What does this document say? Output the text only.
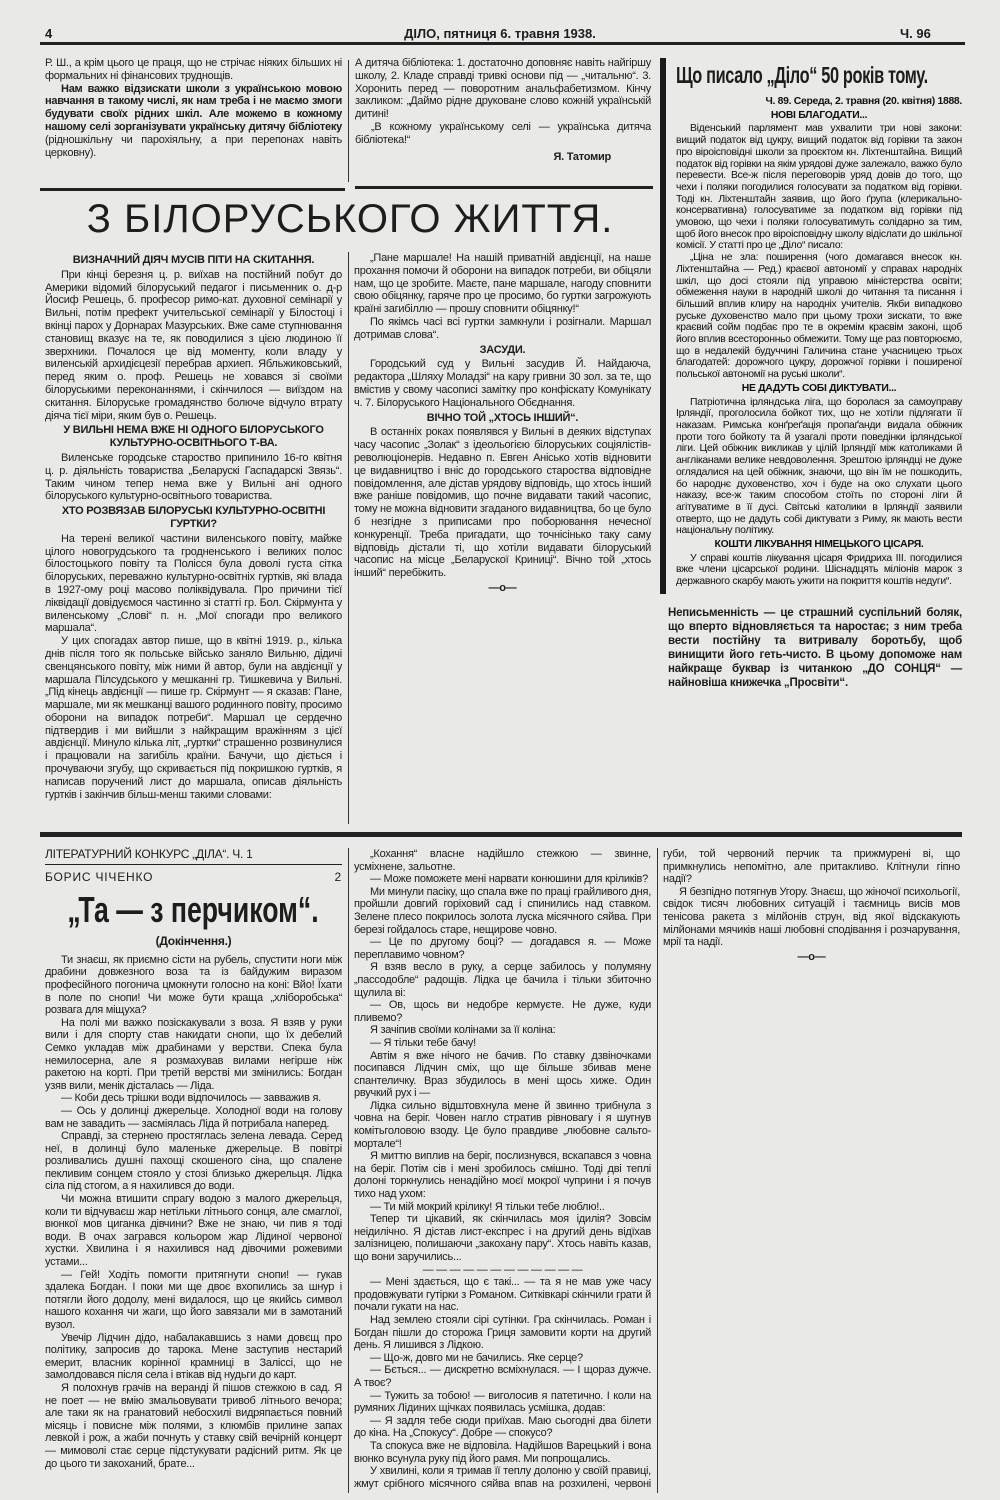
4	ДІЛО, пятниця 6. травня 1938.	Ч. 96

Р. Ш., а крім цього це праця, що не стрічає ніяких більших ні формальних ні фінансових труднощів.

Нам важко відзискати школи з українською мовою навчання в такому числі, як нам треба і не маємо змоги будувати своїх рідних шкіл. Але можемо в кожному нашому селі зорганізувати українську дитячу бібліотеку (рідношкільну чи парохіяльну, а при перепонах навіть церковну).

А дитяча бібліотека: 1. достаточно доповняє навіть найгіршу школу, 2. Кладе справді тривкі основи під — „читальню“. 3. Хоронить перед — поворотним анальфабетизмом. Кінчу закликом: „Даймо рідне друковане слово кожній українській дитині!

„В кожному українському селі — українська дитяча бібліотека!“

Я. Татомир
З БІЛОРУСЬКОГО ЖИТТЯ.

ВИЗНАЧНИЙ ДІЯЧ МУСІВ ПІТИ НА СКИТАННЯ.

При кінці березня ц. р. виїхав на постійний побут до Америки відомий білоруський педагог і письменник о. д-р Йосиф Решець, б. професор римо-кат. духовної семінарії у Вильні, потім префект учительської семінарії у Білостоці і вкінці парох у Дорнарах Мазурських. Вже саме ступнювання становищ вказує на те, як поводилися з цією людиною її зверхники. Почалося це від моменту, коли владу у виленській архидієцезії перебрав архиеп. Ябльжиковський, перед яким о. проф. Решець не ховався зі своїми білоруськими переконаннями, і скінчилося — виїздом на скитання. Білоруське громадянство болюче відчуло втрату діяча тієї міри, яким був о. Решець.

У ВИЛЬНІ НЕМА ВЖЕ НІ ОДНОГО БІЛОРУСЬКОГО КУЛЬТУРНО-ОСВІТНЬОГО Т-ВА.

Виленське городське староство припинило 16-го квітня ц. р. діяльність товариства „Беларускі Гаспадарскі Звязь“. Таким чином тепер нема вже у Вильні ані одного білоруського культурно-освітнього товариства.

ХТО РОЗВЯЗАВ БІЛОРУСЬКІ КУЛЬТУРНО-ОСВІТНІ ГУРТКИ?

На терені великої частини виленського повіту, майже цілого новогрудського та гродненського і великих полос білостоцького повіту та Полісся була доволі густа сітка білоруських, переважно культурно-освітніх гуртків, які влада в 1927-ому році масово поліквідувала. Про причини тієї ліквідації довідуємося частинно зі статті гр. Бол. Скірмунта у виленському „Слові“ п. н. „Мої спогади про великого маршала“.

У цих спогадах автор пише, що в квітні 1919. р., кілька днів після того як польське військо заняло Вильню, дідичі свенцянського повіту, між ними й автор, були на авдієнції у маршала Пілсудського у мешканні гр. Тишкевича у Вильні. „Під кінець авдієнції — пише гр. Скірмунт — я сказав: Пане, маршале, ми як мешканці вашого родинного повіту, просимо оборони на випадок потреби“. Маршал це сердечно підтвердив і ми вийшли з найкращим вражінням з цієї авдієнції. Минуло кілька літ, „гуртки“ страшенно розвинулися і працювали на загибіль країни. Бачучи, що діється і прочуваючи згубу, що скривається під покришкою гуртків, я написав поручений лист до маршала, описав діяльність гуртків і закінчив більш-менш такими словами:

„Пане маршале! На нашій приватній авдієнції, на наше прохання помочи й оборони на випадок потреби, ви обіцяли нам, що це зробите. Маєте, пане маршале, нагоду сповнити свою обіцянку, гаряче про це просимо, бо гуртки загрожують країні загибіллю — прошу сповнити обіцянку!“

По якімсь часі всі гуртки замкнули і розігнали. Маршал дотримав слова“.

ЗАСУДИ.

Городський суд у Вильні засудив Й. Найдаюча, редактора „Шляху Моладзі“ на кару гривни 30 зол. за те, що вмістив у свому часописі замітку про конфіскату Комунікату ч. 7. Білоруського Національного Обєднання.

ВІЧНО ТОЙ „ХТОСЬ ІНШИЙ“.

В останніх роках появлявся у Вильні в деяких відступах часу часопис „Золак“ з ідеольогією білоруських соціялістів-революціонерів. Недавно п. Евген Анісько хотів відновити це видавництво і вніс до городського староства відповідне повідомлення, але дістав урядову відповідь, що хтось інший вже раніше повідомив, що почне видавати такий часопис, тому не можна відновити згаданого видавництва, бо це було б незгідне з приписами про поборювання нечесної конкуренції. Треба пригадати, що точнісінько таку саму відповідь дістали ті, що хотіли видавати білоруський часопис на місце „Беларускої Криниці“. Вічно той „хтось інший“ перебіжить.

—o—

Що писало „Діло“ 50 років тому.

Ч. 89. Середа, 2. травня (20. квітня) 1888.

НОВІ БЛАГОДАТИ...

Віденський парлямент мав ухвалити три нові закони: вищий податок від цукру, вищий податок від горівки та закон про віроісповідні школи за проєктом кн. Ліхтенштайна. Вищий податок від горівки на якім урядові дуже залежало, важко було перевести. Все-ж після переговорів уряд довів до того, що чехи і поляки погодилися голосувати за податком від горівки. Тоді кн. Ліхтенштайн заявив, що його ґрупа (клерикально-консервативна) голосуватиме за податком від горівки під умовою, що чехи і поляки голосуватимуть солідарно за тим, щоб його внесок про віроісповідну школу відіслати до шкільної комісії. У статті про це „Діло“ писало:

„Ціна не зла: поширення (чого домагався внесок кн. Ліхтенштайна — Ред.) краєвої автономії у справах народніх шкіл, що досі стояли під управою міністерства освіти; обмеження науки в народній школі до читання та писання і більший вплив клиру на народніх учителів. Якби випадково руське духовенство мало при цьому трохи зискати, то вже краєвий сойм подбає про те в окремім краєвім законі, щоб його вплив всесторонньо обмежити. Тому ще раз повторюємо, що в недалекій будуччині Галичина стане учасницею трьох благодатей: дорожчого цукру, дорожчої горівки і поширеної польської автономії на руські школи“.

НЕ ДАДУТЬ СОБІ ДИКТУВАТИ...

Патріотична ірляндська ліга, що боролася за самоуправу Ірляндії, проголосила бойкот тих, що не хотіли підлягати її наказам. Римська конґреґація пропаґанди видала обіжник проти того бойкоту та й узагалі проти поведінки ірляндської ліги. Цей обіжник викликав у цілій Ірляндії між католиками й англіканами велике невдоволення. Зрештою ірляндці не дуже оглядалися на цей обіжник, знаючи, що він їм не пошкодить, бо народнє духовенство, хоч і буде на око слухати цього наказу, все-ж таким способом стоїть по стороні ліги й агітуватиме в її дусі. Світські католики в Ірляндії заявили отверто, що не дадуть собі диктувати з Риму, як мають вести національну політику.

КОШТИ ЛІКУВАННЯ НІМЕЦЬКОГО ЦІСАРЯ.

У справі коштів лікування цісаря Фридриха III. погодилися вже члени цісарської родини. Шіснадцять міліонів марок з державного скарбу мають ужити на покриття коштів недуги“.

Неписьменність — це страшний суспільний боляк, що вперто відновляється та наростає; з ним треба вести постійну та витривалу боротьбу, щоб винищити його геть-чисто. В цьому допоможе нам найкраще буквар із читанкою „ДО СОНЦЯ“ — найновіша книжечка „Просвіти“.
ЛІТЕРАТУРНИЙ КОНКУРС „ДІЛА“. Ч. 1
БОРИС ЧІЧЕНКО	2
„Та — з перчиком“.
(Докінчення.)

Ти знаєш, як приємно сісти на рубель, спустити ноги між драбини довжезного воза та із байдужим виразом професійного погонича цмокнути голосно на коні: Вйо! Їхати в поле по снопи! Чи може бути краща „хліборобська“ розвага для міщуха?

На полі ми важко позіскакували з воза. Я взяв у руки вили і для спорту став накидати снопи, що їх дебелий Семко укладав між драбинами у верстви. Спека була немилосерна, але я розмахував вилами негірше ніж ракетою на корті. При третій верстві ми змінились: Богдан узяв вили, менік дісталась — Ліда.

— Коби десь трішки води відпочилось — завважив я.

— Ось у долинці джерельце. Холодної води на голову вам не завадить — засміялась Ліда й потрибала наперед.

Справді, за стернею простяглась зелена левада. Серед неї, в долинці було маленьке джерельце. В повітрі розливались душні пахощі скошеного сіна, що спалене пекливим сонцем стояло у стозі близько джерельця. Лідка сіла під стогом, а я нахилився до води.

Чи можна втишити спрагу водою з малого джерельця, коли ти відчуваєш жар нетільки літнього сонця, але смаглої, вюнкої мов циганка дівчини? Вже не знаю, чи пив я тоді води. В очах загрався кольором жар Лідиної червоної хустки. Хвилина і я нахилився над дівочими рожевими устами...

— Гей! Ходіть помогти притягнути снопи! — гукав здалека Богдан. І поки ми ще двоє вхопились за шнур і потягли його додолу, мені видалося, що це якийсь символ нашого кохання чи жаги, що його завязали ми в замотаний вузол.

Увечір Лідчин дідо, набалакавшись з нами довєщ про політику, запросив до тарока. Мене заступив нестарий емерит, власник корінної крамниці в Заліссі, що не замолдовався після села і втікав від нудьги до карт.

Я полохнув грачів на веранді й пішов стежкою в сад. Я не поет — не вмію змальовувати тривоб літнього вечора; але таки як на гранатовий небосхилі видряпається повний місяць і повисне між полями, з клюмбів прилине запах левкой і рож, а жаби почнуть у ставку свій вечірній концерт — мимоволі стає серце підстукувати радісний ритм. Як це до цього ти закоханий, брате...

„Кохання“ власне надійшло стежкою — звинне, усміхнене, зальотне.

— Може поможете мені нарвати конюшини для кріликів?

Ми минули пасіку, що спала вже по праці грайливого дня, пройшли довгий горіховий сад і спинились над ставком. Зелене плесо покрилось золота луска місячного сяйва. При березі гойдалось старе, нещирове човно.

— Це по другому боці? — догадався я. — Може переплавимо човном?

Я взяв весло в руку, а серце забилось у полумяну „пассодобле“ радощів. Лідка це бачила і тільки збиточно щулила ві:

— Ов, щось ви недобре кермуєте. Не дуже, куди пливемо?

Я зачіпив своїми колінами за її коліна:

— Я тільки тебе бачу!

Автім я вже нічого не бачив. По ставку дзвіночками посипався Лідчин сміх, що ще більше збивав мене спантеличку. Враз збудилось в мені щось хиже. Один рвучкий рух і —

Лідка сильно відштовхнула мене й звинно трибнула з човна на беріг. Човен нагло стратив рівновагу і я шугнув комітьголовою взоду. Це було правдиве „любовне сальто-мортале“!

Я миттю виплив на беріг, послизнувся, вскапався з човна на беріг. Потім сів і мені зробилось смішно. Тоді дві теплі долоні торкнулись ненадійно моєї мокрої чуприни і я почув тихо над ухом:

— Ти мій мокрий крілику! Я тільки тебе люблю!..

Тепер ти цікавий, як скінчилась моя ідилія? Зовсім неідилічно. Я дістав лист-експрес і на другий день відїхав залізницею, полишаючи „закохану пару“. Хтось навіть казав, що вони заручились...

— — — — — — — — — — — —

— Мені здається, що є такі... — та я не мав уже часу продовжувати гутірки з Романом. Ситківкарі скінчили грати й почали гукати на нас.

Над землею стояли сірі сутінки. Гра скінчилась. Роман і Богдан пішли до сторожа Гриця замовити корти на другий день. Я лишився з Лідкою.

— Що-ж, довго ми не бачились. Яке серце?

— Бється... — дискретно всміхнулася. — І щораз дужче. А твоє?

— Тужить за тобою! — виголосив я патетично. І коли на румяних Лідиних щічках появилась усмішка, додав:

— Я задля тебе сюди приїхав. Маю сьогодні два білети до кіна. На „Спокусу“. Добре — спокусо?

Та спокуса вже не відповіла. Надійшов Варецький і вона вюнко всунула руку під його рамя. Ми попрощались.

У хвилині, коли я тримав її теплу долоню у своїй правиці, жмут срібного місячного сяйва впав на розхилені, червоні губи, той червоний перчик та прижмурені ві, що примкнулись непомітно, але притакливо. Клітнули гіпно надії?

Я безпідно потягнув Угору. Знаєш, що жіночої психольогії, свідок тисяч любовних ситуацій і таємниць висів мов тенісова ракета з мілйонів струн, від якої відскакують мілйонами мячиків наші любовні сподівання і розчарування, мрії та надії.

—o—
